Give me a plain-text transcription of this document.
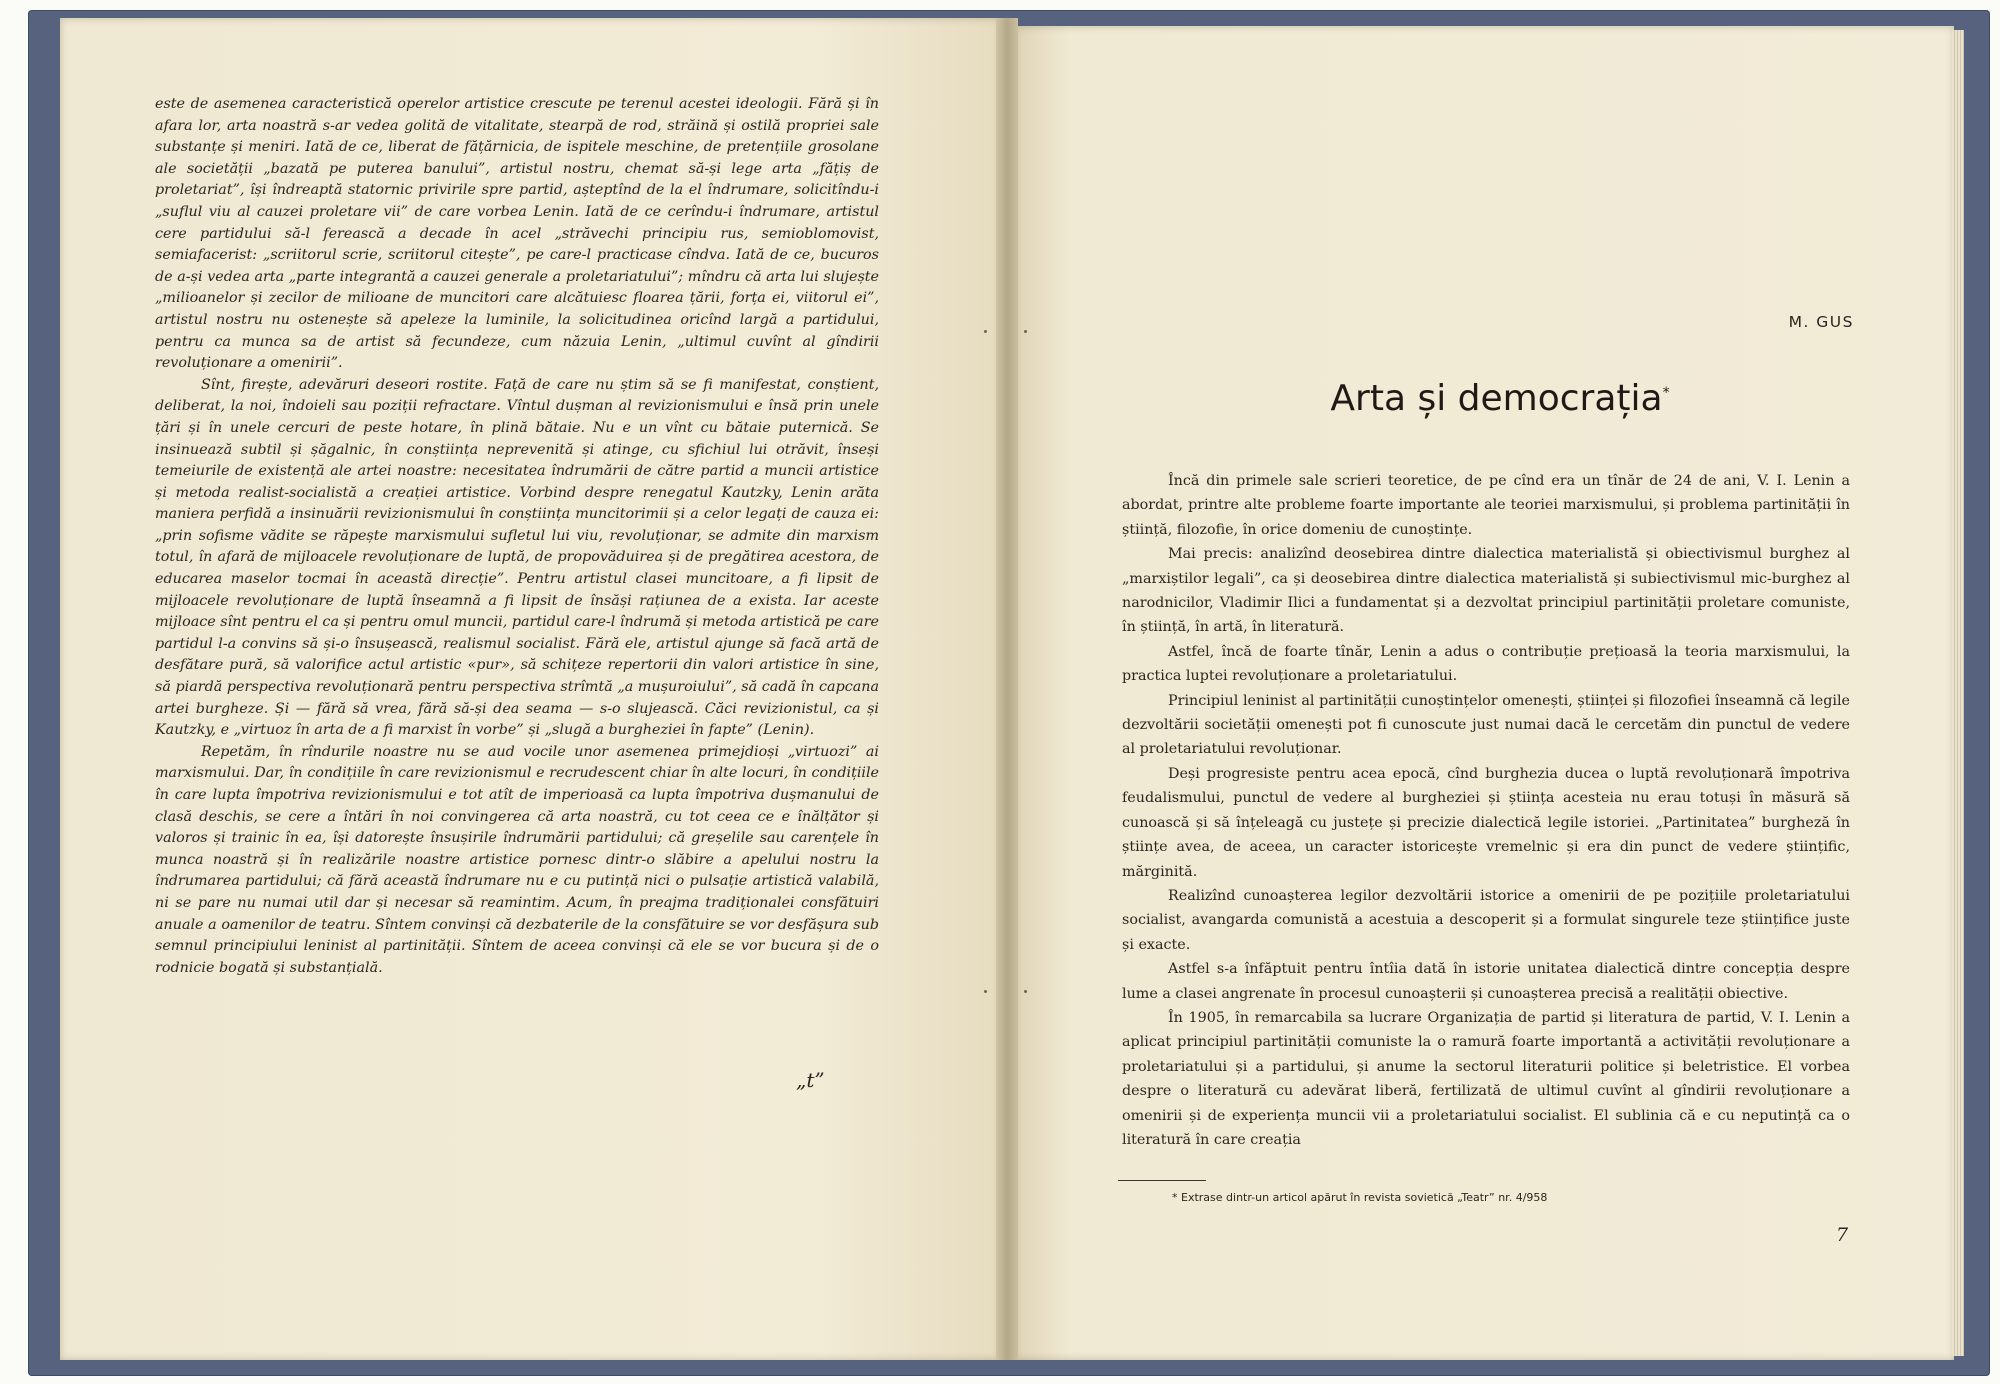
este de asemenea caracteristică operelor artistice crescute pe terenul acestei ideologii. Fără și în afara lor, arta noastră s-ar vedea golită de vitalitate, stearpă de rod, străină și ostilă propriei sale substanțe și meniri. Iată de ce, liberat de fățărnicia, de ispitele meschine, de pretențiile grosolane ale societății „bazată pe puterea banului”, artistul nostru, chemat să-și lege arta „fățiș de proletariat”, își îndreaptă statornic privirile spre partid, așteptînd de la el îndrumare, solicitîndu-i „suflul viu al cauzei proletare vii” de care vorbea Lenin. Iată de ce cerîndu-i îndrumare, artistul cere partidului să-l ferească a decade în acel „străvechi principiu rus, semioblomovist, semiafacerist: „scriitorul scrie, scriitorul citește”, pe care-l practicase cîndva. Iată de ce, bucuros de a-și vedea arta „parte integrantă a cauzei generale a proletariatului”; mîndru că arta lui slujește „milioanelor și zecilor de milioane de muncitori care alcătuiesc floarea țării, forța ei, viitorul ei”, artistul nostru nu ostenește să apeleze la luminile, la solicitudinea oricînd largă a partidului, pentru ca munca sa de artist să fecundeze, cum năzuia Lenin, „ultimul cuvînt al gîndirii revoluționare a omenirii”.

Sînt, firește, adevăruri deseori rostite. Față de care nu știm să se fi manifestat, conștient, deliberat, la noi, îndoieli sau poziții refractare. Vîntul dușman al revizionismului e însă prin unele țări și în unele cercuri de peste hotare, în plină bătaie. Nu e un vînt cu bătaie puternică. Se insinuează subtil și șăgalnic, în conștiința neprevenită și atinge, cu sfichiul lui otrăvit, înseși temeiurile de existență ale artei noastre: necesitatea îndrumării de către partid a muncii artistice și metoda realist-socialistă a creației artistice. Vorbind despre renegatul Kautzky, Lenin arăta maniera perfidă a insinuării revizionismului în conștiința muncitorimii și a celor legați de cauza ei: „prin sofisme văditе se răpește marxismului sufletul lui viu, revoluționar, se admite din marxism totul, în afară de mijloacele revoluționare de luptă, de propovăduirea și de pregătirea acestora, de educarea maselor tocmai în această direcție”. Pentru artistul clasei muncitoare, a fi lipsit de mijloacele revoluționare de luptă înseamnă a fi lipsit de însăși rațiunea de a exista. Iar aceste mijloace sînt pentru el ca și pentru omul muncii, partidul care-l îndrumă și metoda artistică pe care partidul l-a convins să și-o însușească, realismul socialist. Fără ele, artistul ajunge să facă artă de desfătare pură, să valorifice actul artistic «pur», să schițeze repertorii din valori artistice în sine, să piardă perspectiva revoluționară pentru perspectiva strîmtă „a mușuroiului”, să cadă în capcana artei burgheze. Și — fără să vrea, fără să-și dea seama — s-o slujească. Căci revizionistul, ca și Kautzky, e „virtuoz în arta de a fi marxist în vorbe” și „slugă a burgheziei în fapte” (Lenin).

Repetăm, în rîndurile noastre nu se aud vocile unor asemenea primejdioși „virtuozi” ai marxismului. Dar, în condițiile în care revizionismul e recrudescent chiar în alte locuri, în condițiile în care lupta împotriva revizionismului e tot atît de imperioasă ca lupta împotriva dușmanului de clasă deschis, se cere a întări în noi convingerea că arta noastră, cu tot ceea ce e înălțător și valoros și trainic în ea, își datorește însușirile îndrumării partidului; că greșelile sau carențele în munca noastră și în realizările noastre artistice pornesc dintr-o slăbire a apelului nostru la îndrumarea partidului; că fără această îndrumare nu e cu putință nici o pulsație artistică valabilă, ni se pare nu numai util dar și necesar să reamintim. Acum, în preajma tradiționalei consfătuiri anuale a oamenilor de teatru. Sîntem convinși că dezbaterile de la consfătuire se vor desfășura sub semnul principiului leninist al partinității. Sîntem de aceea convinși că ele se vor bucura și de o rodnicie bogată și substanțială.

„t”
M. GUS
Arta și democrația*

Încă din primele sale scrieri teoretice, de pe cînd era un tînăr de 24 de ani, V. I. Lenin a abordat, printre alte probleme foarte importante ale teoriei marxismului, și problema partinității în știință, filozofie, în orice domeniu de cunoștințe.

Mai precis: analizînd deosebirea dintre dialectica materialistă și obiectivismul burghez al „marxiștilor legali”, ca și deosebirea dintre dialectica materialistă și subiectivismul mic-burghez al narodnicilor, Vladimir Ilici a fundamentat și a dezvoltat principiul partinității proletare comuniste, în știință, în artă, în literatură.

Astfel, încă de foarte tînăr, Lenin a adus o contribuție prețioasă la teoria marxismului, la practica luptei revoluționare a proletariatului.

Principiul leninist al partinității cunoștințelor omenești, științei și filozofiei înseamnă că legile dezvoltării societății omenești pot fi cunoscute just numai dacă le cercetăm din punctul de vedere al proletariatului revoluționar.

Deși progresiste pentru acea epocă, cînd burghezia ducea o luptă revoluționară împotriva feudalismului, punctul de vedere al burgheziei și știința acesteia nu erau totuși în măsură să cunoască și să înțeleagă cu justețe și precizie dialectică legile istoriei. „Partinitatea” burgheză în științe avea, de aceea, un caracter istoricește vremelnic și era din punct de vedere științific, mărginită.

Realizînd cunoașterea legilor dezvoltării istorice a omenirii de pe pozițiile proletariatului socialist, avangarda comunistă a acestuia a descoperit și a formulat singurele teze științifice juste și exacte.

Astfel s-a înfăptuit pentru întîia dată în istorie unitatea dialectică dintre concepția despre lume a clasei angrenate în procesul cunoașterii și cunoașterea precisă a realității obiective.

În 1905, în remarcabila sa lucrare Organizația de partid și literatura de partid, V. I. Lenin a aplicat principiul partinității comuniste la o ramură foarte importantă a activității revoluționare a proletariatului și a partidului, și anume la sectorul literaturii politice și beletristice. El vorbea despre o literatură cu adevărat liberă, fertilizată de ultimul cuvînt al gîndirii revoluționare a omenirii și de experiența muncii vii a proletariatului socialist. El sublinia că e cu neputință ca o literatură în care creația

* Extrase dintr-un articol apărut în revista sovietică „Teatr” nr. 4/958
7
